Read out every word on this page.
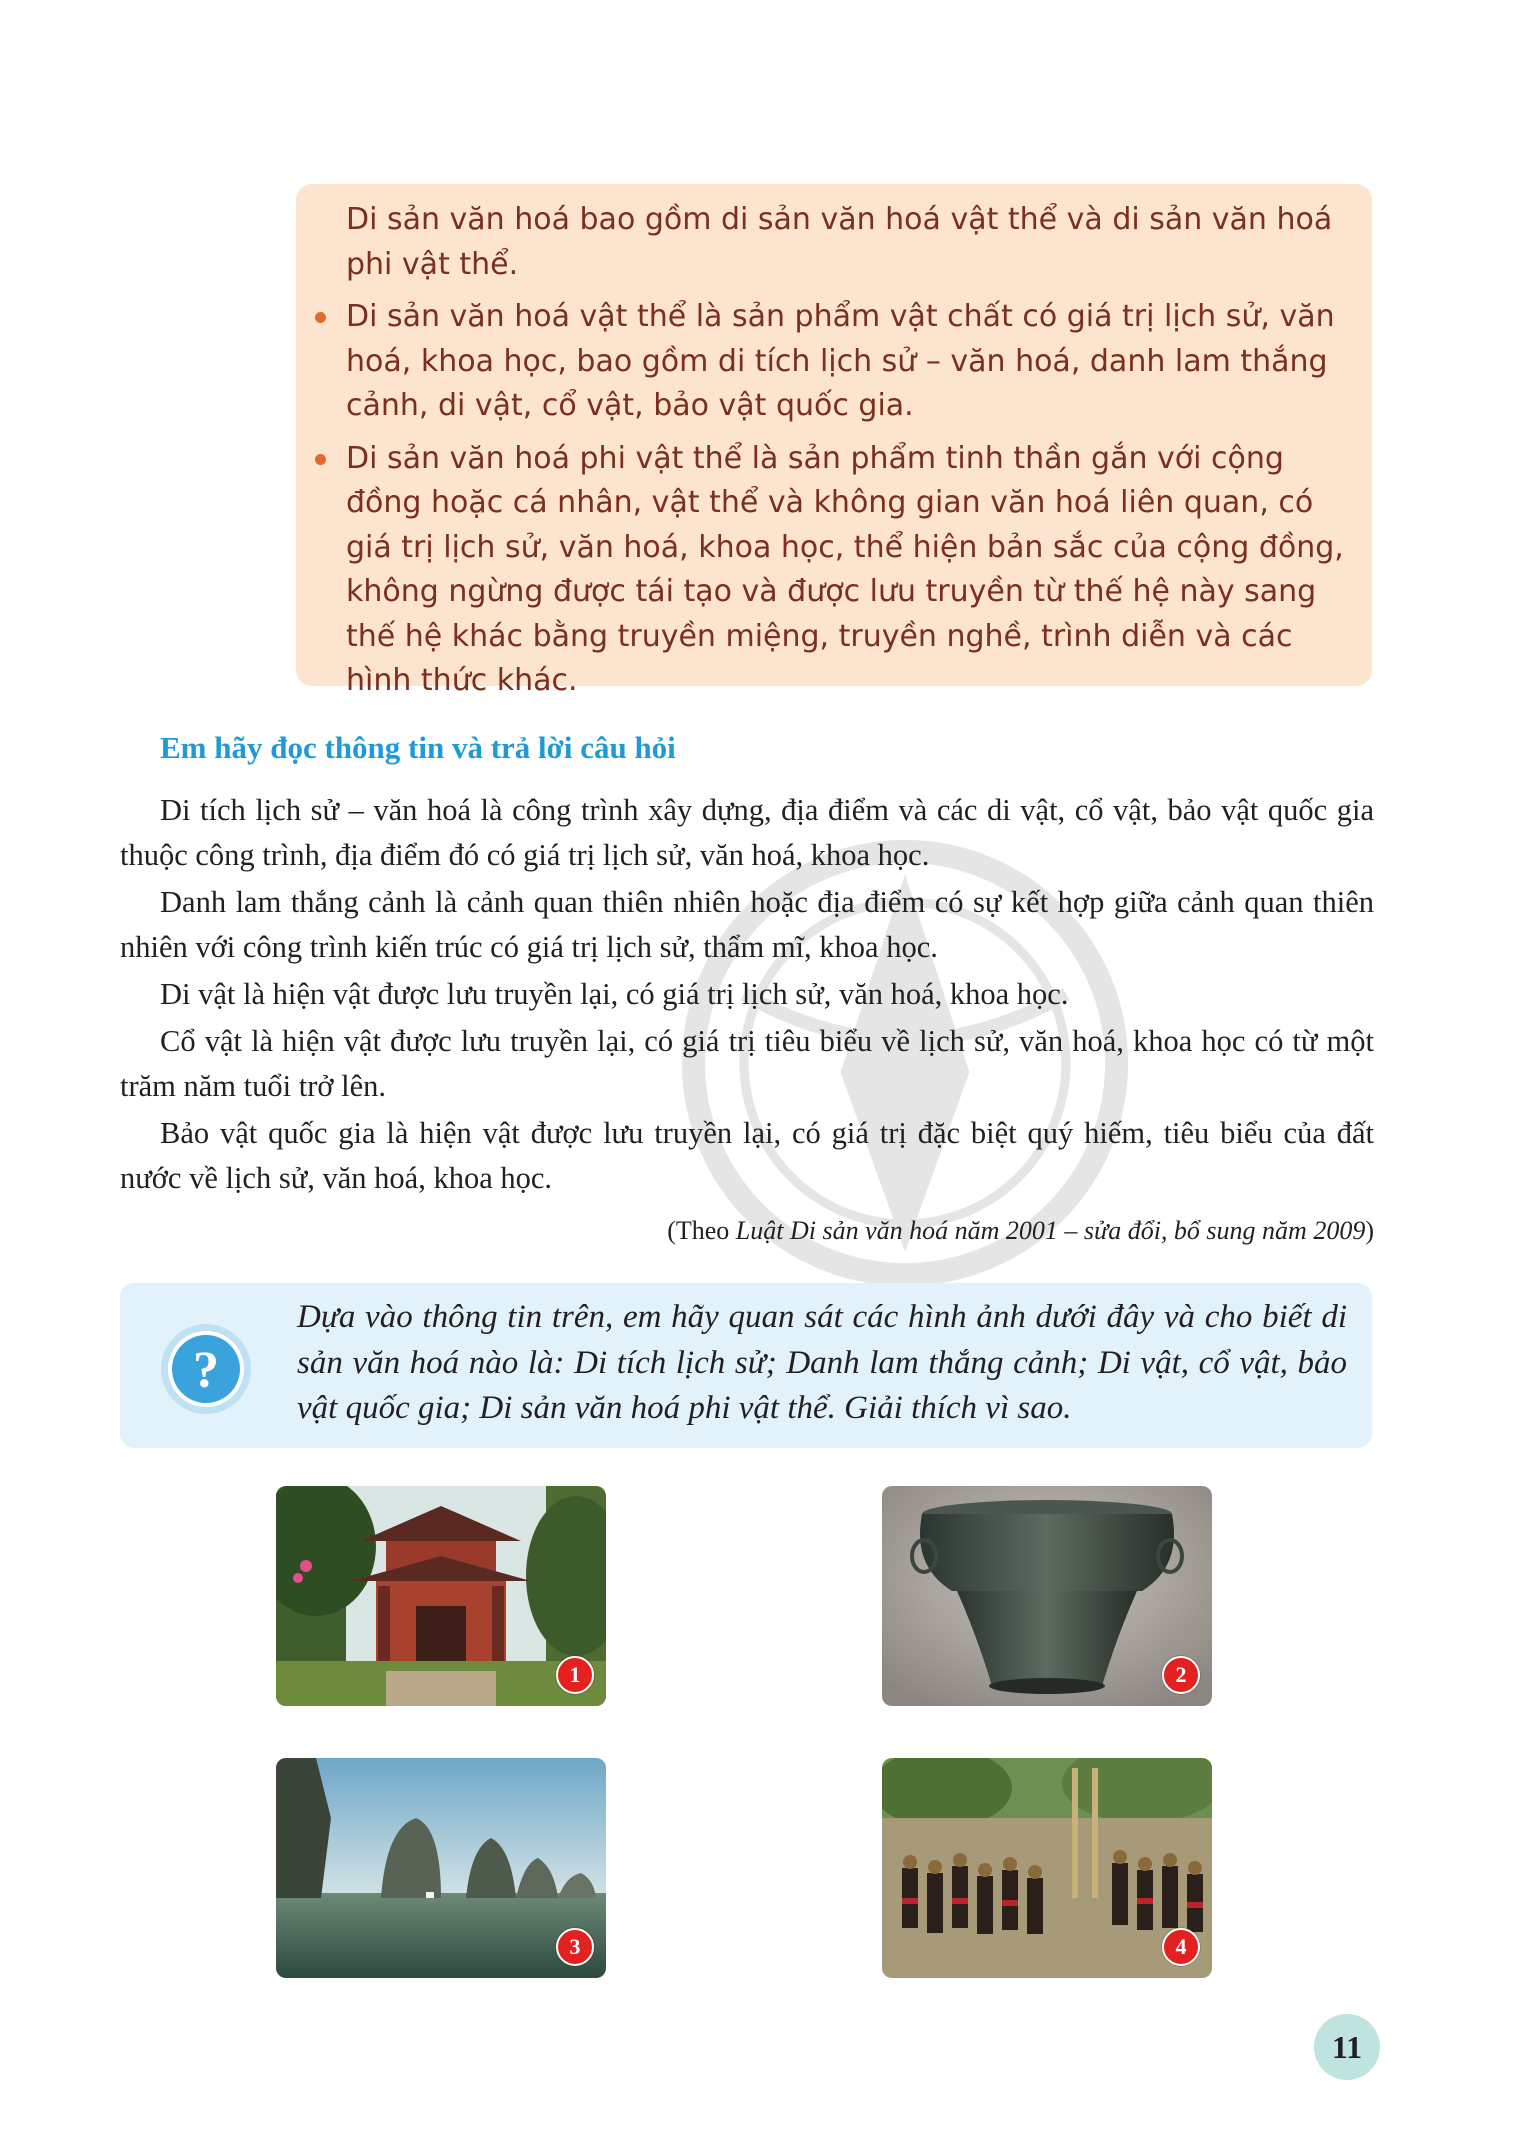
Di sản văn hoá bao gồm di sản văn hoá vật thể và di sản văn hoá phi vật thể.

Di sản văn hoá vật thể là sản phẩm vật chất có giá trị lịch sử, văn hoá, khoa học, bao gồm di tích lịch sử – văn hoá, danh lam thắng cảnh, di vật, cổ vật, bảo vật quốc gia.
Di sản văn hoá phi vật thể là sản phẩm tinh thần gắn với cộng đồng hoặc cá nhân, vật thể và không gian văn hoá liên quan, có giá trị lịch sử, văn hoá, khoa học, thể hiện bản sắc của cộng đồng, không ngừng được tái tạo và được lưu truyền từ thế hệ này sang thế hệ khác bằng truyền miệng, truyền nghề, trình diễn và các hình thức khác.
Em hãy đọc thông tin và trả lời câu hỏi

Di tích lịch sử – văn hoá là công trình xây dựng, địa điểm và các di vật, cổ vật, bảo vật quốc gia thuộc công trình, địa điểm đó có giá trị lịch sử, văn hoá, khoa học.

Danh lam thắng cảnh là cảnh quan thiên nhiên hoặc địa điểm có sự kết hợp giữa cảnh quan thiên nhiên với công trình kiến trúc có giá trị lịch sử, thẩm mĩ, khoa học.

Di vật là hiện vật được lưu truyền lại, có giá trị lịch sử, văn hoá, khoa học.

Cổ vật là hiện vật được lưu truyền lại, có giá trị tiêu biểu về lịch sử, văn hoá, khoa học có từ một trăm năm tuổi trở lên.

Bảo vật quốc gia là hiện vật được lưu truyền lại, có giá trị đặc biệt quý hiếm, tiêu biểu của đất nước về lịch sử, văn hoá, khoa học.

(Theo Luật Di sản văn hoá năm 2001 – sửa đổi, bổ sung năm 2009)
?
Dựa vào thông tin trên, em hãy quan sát các hình ảnh dưới đây và cho biết di sản văn hoá nào là: Di tích lịch sử; Danh lam thắng cảnh; Di vật, cổ vật, bảo vật quốc gia; Di sản văn hoá phi vật thể. Giải thích vì sao.
1	2
3	4
11
